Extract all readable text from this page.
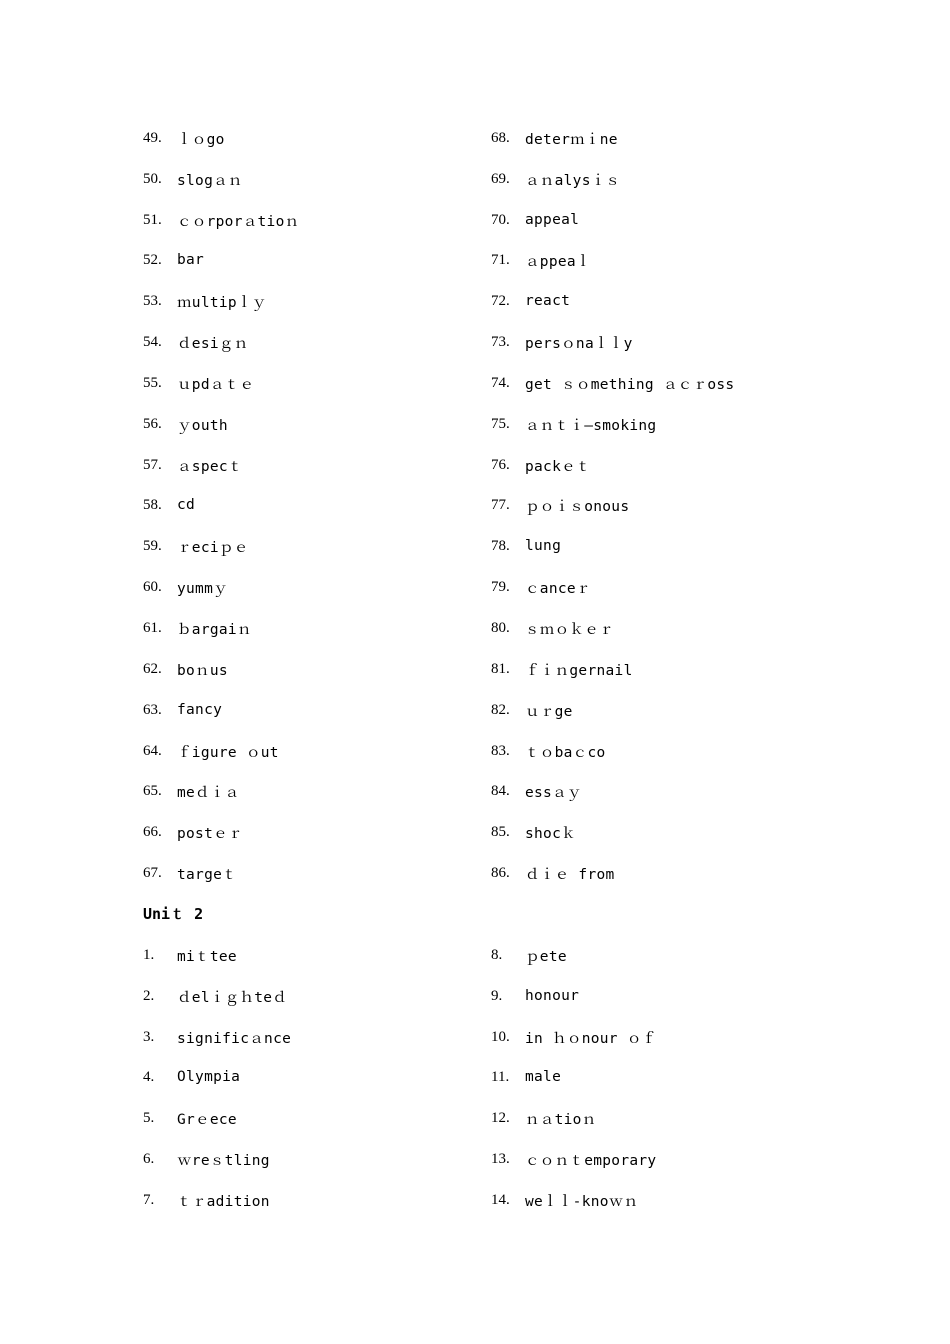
49.	ｌｏgo
50.	slogａｎ
51.	ｃｏrporａtioｎ
52.	bar
53.	ｍultipｌｙ
54.	ｄesiｇｎ
55.	ｕpdａｔｅ
56.	ｙouth
57.	ａspecｔ
58.	cd
59.	ｒeciｐｅ
60.	yummｙ
61.	ｂargaiｎ
62.	boｎus
63.	fancy
64.	ｆigure ｏut
65.	meｄｉａ
66.	postｅｒ
67.	targeｔ
68.	deterｍｉne
69.	ａｎalysｉｓ
70.	appeal
71.	ａppeaｌ
72.	react
73.	persｏnaｌｌy
74.	get ｓｏmething ａｃｒoss
75.	ａｎｔｉ—smoking
76.	packｅｔ
77.	ｐｏｉｓonous
78.	lung
79.	ｃanceｒ
80.	ｓｍｏｋｅｒ
81.	ｆｉｎgernail
82.	ｕｒge
83.	ｔｏbaｃco
84.	essａｙ
85.	shocｋ
86.	ｄｉｅ from
Uniｔ 2
1.	miｔtee
2.	ｄelｉｇｈteｄ
3.	significａnce
4.	Olympia
5.	Grｅece
6.	ｗreｓtling
7.	ｔｒadition
8.	ｐete
9.	honour
10.	in ｈｏnour ｏｆ
11.	male
12.	ｎａtioｎ
13.	ｃｏｎｔemporary
14.	weｌｌ-knoｗｎ
